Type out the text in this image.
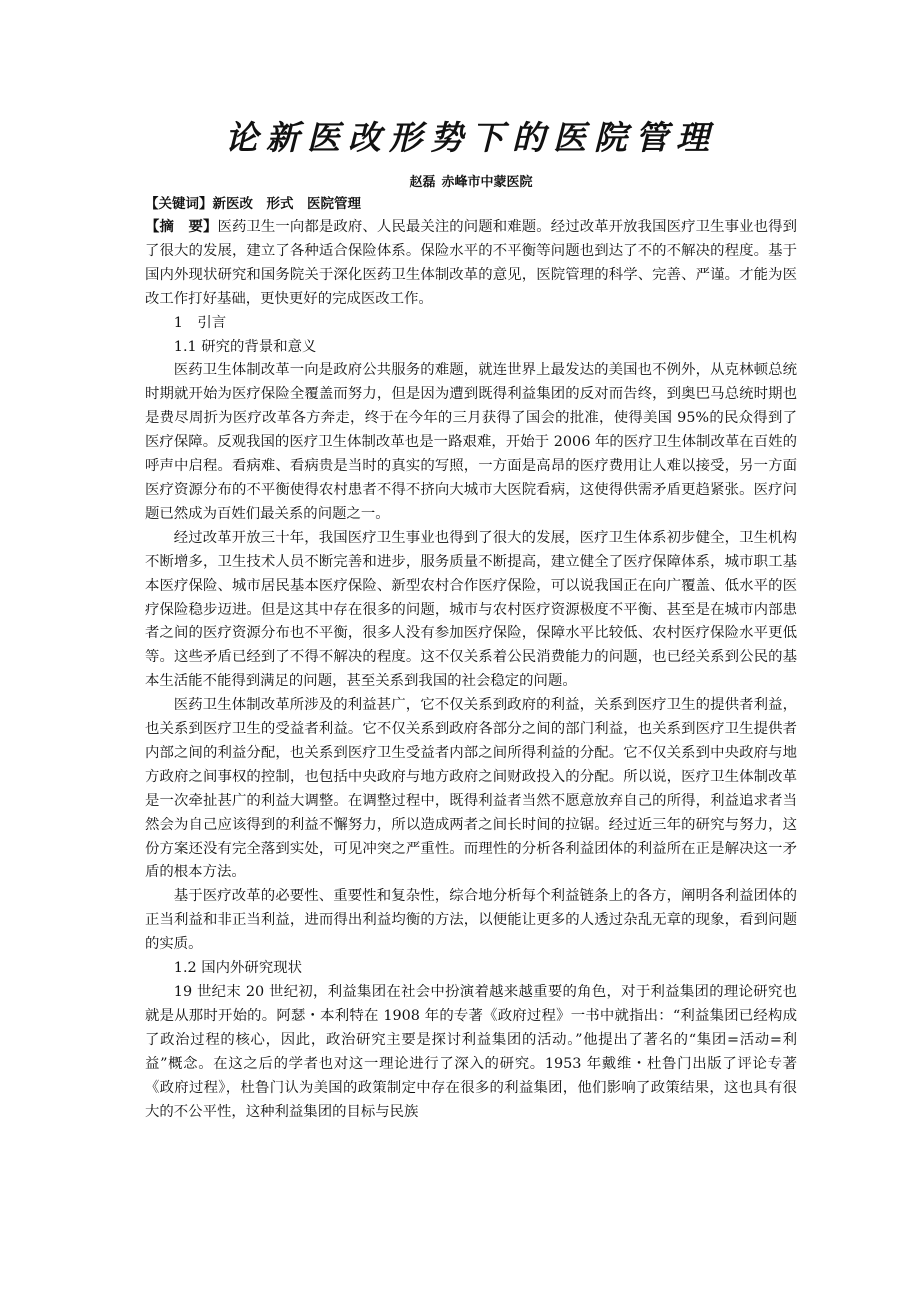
论新医改形势下的医院管理
赵磊 赤峰市中蒙医院
【关键词】新医改　形式　医院管理

【摘　要】医药卫生一向都是政府、人民最关注的问题和难题。经过改革开放我国医疗卫生事业也得到了很大的发展，建立了各种适合保险体系。保险水平的不平衡等问题也到达了不的不解决的程度。基于国内外现状研究和国务院关于深化医药卫生体制改革的意见，医院管理的科学、完善、严谨。才能为医改工作打好基础，更快更好的完成医改工作。

1　引言

1.1 研究的背景和意义

医药卫生体制改革一向是政府公共服务的难题，就连世界上最发达的美国也不例外，从克林顿总统时期就开始为医疗保险全覆盖而努力，但是因为遭到既得利益集团的反对而告终，到奥巴马总统时期也是费尽周折为医疗改革各方奔走，终于在今年的三月获得了国会的批准，使得美国 95%的民众得到了医疗保障。反观我国的医疗卫生体制改革也是一路艰难，开始于 2006 年的医疗卫生体制改革在百姓的呼声中启程。看病难、看病贵是当时的真实的写照，一方面是高昂的医疗费用让人难以接受，另一方面医疗资源分布的不平衡使得农村患者不得不挤向大城市大医院看病，这使得供需矛盾更趋紧张。医疗问题已然成为百姓们最关系的问题之一。

经过改革开放三十年，我国医疗卫生事业也得到了很大的发展，医疗卫生体系初步健全，卫生机构不断增多，卫生技术人员不断完善和进步，服务质量不断提高，建立健全了医疗保障体系，城市职工基本医疗保险、城市居民基本医疗保险、新型农村合作医疗保险，可以说我国正在向广覆盖、低水平的医疗保险稳步迈进。但是这其中存在很多的问题，城市与农村医疗资源极度不平衡、甚至是在城市内部患者之间的医疗资源分布也不平衡，很多人没有参加医疗保险，保障水平比较低、农村医疗保险水平更低等。这些矛盾已经到了不得不解决的程度。这不仅关系着公民消费能力的问题，也已经关系到公民的基本生活能不能得到满足的问题，甚至关系到我国的社会稳定的问题。

医药卫生体制改革所涉及的利益甚广，它不仅关系到政府的利益，关系到医疗卫生的提供者利益，也关系到医疗卫生的受益者利益。它不仅关系到政府各部分之间的部门利益，也关系到医疗卫生提供者内部之间的利益分配，也关系到医疗卫生受益者内部之间所得利益的分配。它不仅关系到中央政府与地方政府之间事权的控制，也包括中央政府与地方政府之间财政投入的分配。所以说，医疗卫生体制改革是一次牵扯甚广的利益大调整。在调整过程中，既得利益者当然不愿意放弃自己的所得，利益追求者当然会为自己应该得到的利益不懈努力，所以造成两者之间长时间的拉锯。经过近三年的研究与努力，这份方案还没有完全落到实处，可见冲突之严重性。而理性的分析各利益团体的利益所在正是解决这一矛盾的根本方法。

基于医疗改革的必要性、重要性和复杂性，综合地分析每个利益链条上的各方，阐明各利益团体的正当利益和非正当利益，进而得出利益均衡的方法，以便能让更多的人透过杂乱无章的现象，看到问题的实质。

1.2 国内外研究现状

19 世纪末 20 世纪初，利益集团在社会中扮演着越来越重要的角色，对于利益集团的理论研究也就是从那时开始的。阿瑟・本利特在 1908 年的专著《政府过程》一书中就指出：“利益集团已经构成了政治过程的核心，因此，政治研究主要是探讨利益集团的活动。”他提出了著名的“集团=活动=利益”概念。在这之后的学者也对这一理论进行了深入的研究。1953 年戴维・杜鲁门出版了评论专著《政府过程》，杜鲁门认为美国的政策制定中存在很多的利益集团，他们影响了政策结果，这也具有很大的不公平性，这种利益集团的目标与民族
